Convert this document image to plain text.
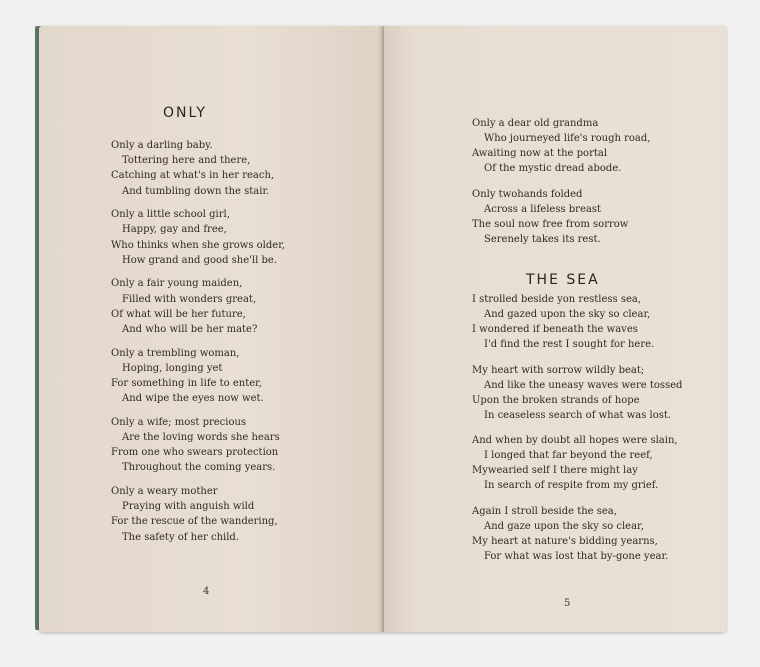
ONLY
Only a darling baby.
Tottering here and there,
Catching at what's in her reach,
And tumbling down the stair.
Only a little school girl,
Happy, gay and free,
Who thinks when she grows older,
How grand and good she'll be.
Only a fair young maiden,
Filled with wonders great,
Of what will be her future,
And who will be her mate?
Only a trembling woman,
Hoping, longing yet
For something in life to enter,
And wipe the eyes now wet.
Only a wife; most precious
Are the loving words she hears
From one who swears protection
Throughout the coming years.
Only a weary mother
Praying with anguish wild
For the rescue of the wandering,
The safety of her child.
4
Only a dear old grandma
Who journeyed life's rough road,
Awaiting now at the portal
Of the mystic dread abode.
Only twohands folded
Across a lifeless breast
The soul now free from sorrow
Serenely takes its rest.
THE SEA
I strolled beside yon restless sea,
And gazed upon the sky so clear,
I wondered if beneath the waves
I'd find the rest I sought for here.
My heart with sorrow wildly beat;
And like the uneasy waves were tossed
Upon the broken strands of hope
In ceaseless search of what was lost.
And when by doubt all hopes were slain,
I longed that far beyond the reef,
Mywearied self I there might lay
In search of respite from my grief.
Again I stroll beside the sea,
And gaze upon the sky so clear,
My heart at nature's bidding yearns,
For what was lost that by-gone year.
5
